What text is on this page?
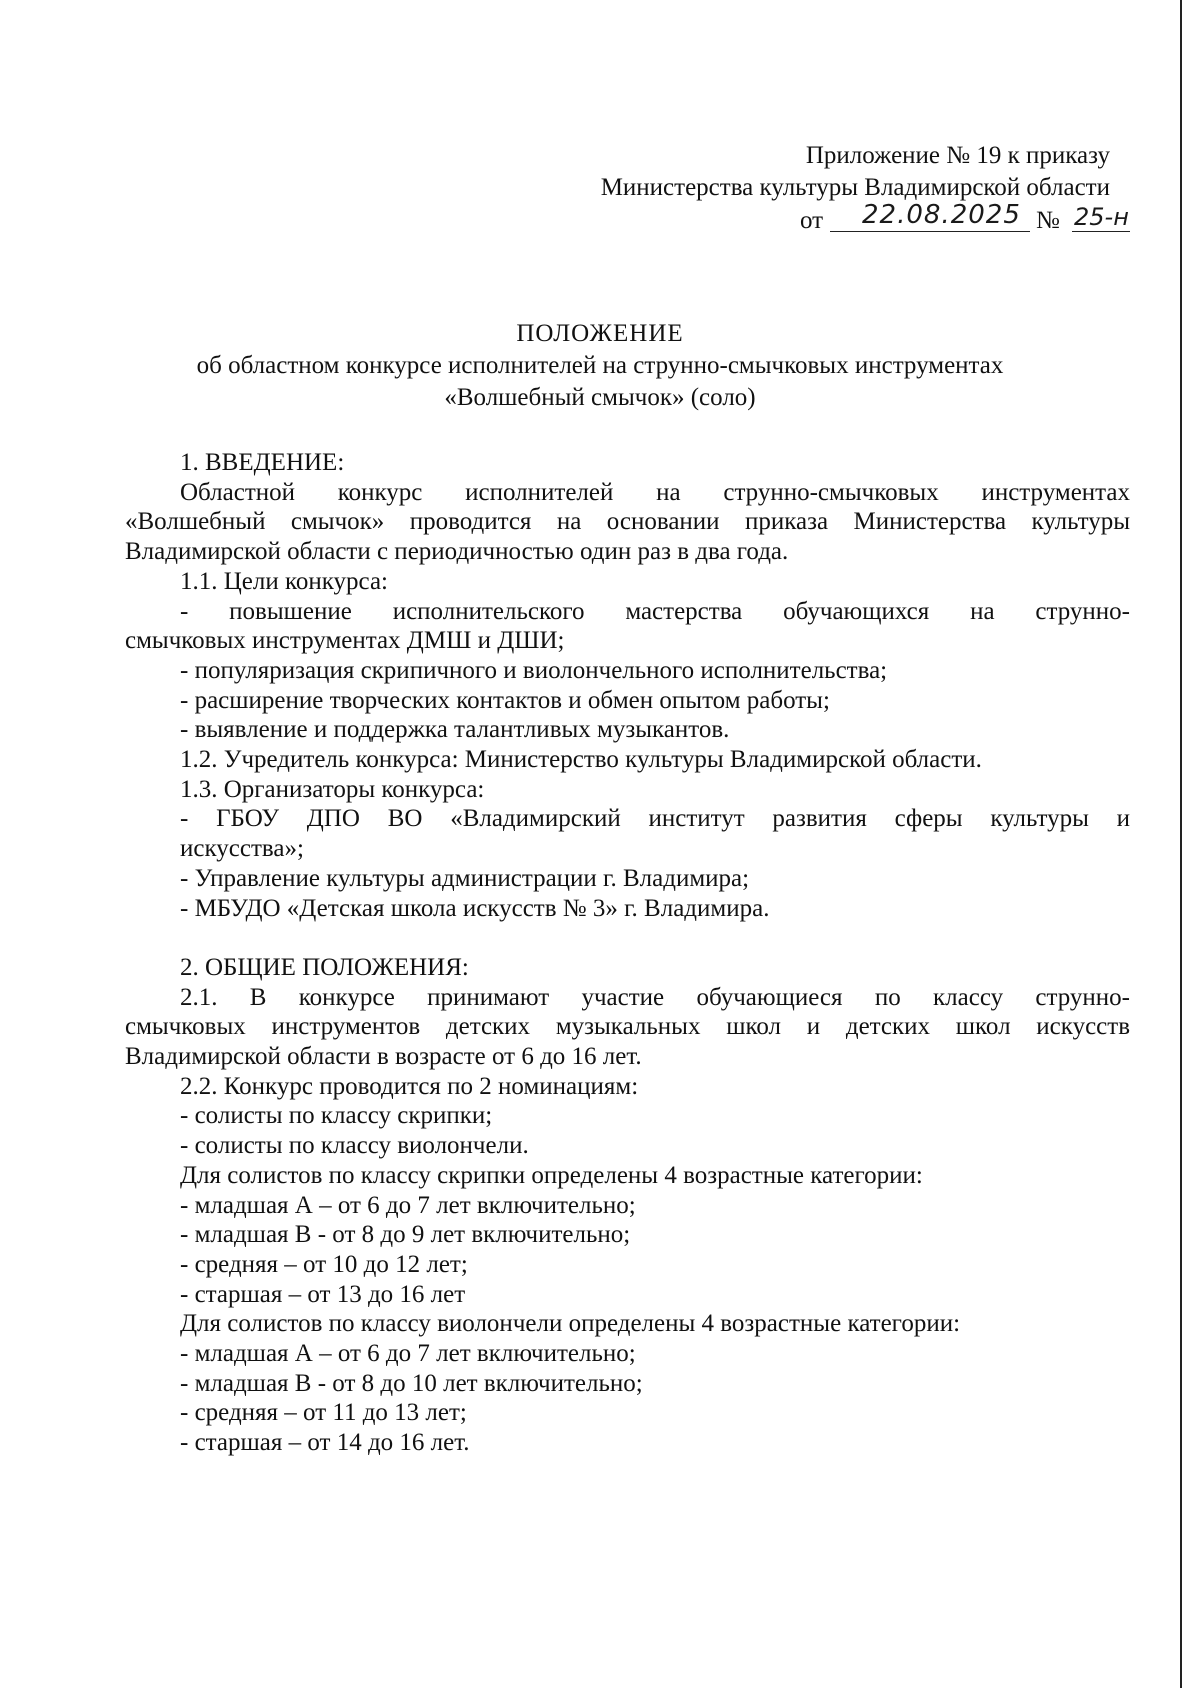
Приложение № 19 к приказу
Министерства культуры Владимирской области
от 22.08.2025 № 25-н
ПОЛОЖЕНИЕ
об областном конкурсе исполнителей на струнно-смычковых инструментах
«Волшебный смычок» (соло)

1. ВВЕДЕНИЕ:

Областной конкурс исполнителей на струнно-смычковых инструментах

«Волшебный смычок» проводится на основании приказа Министерства культуры

Владимирской области с периодичностью один раз в два года.

1.1. Цели конкурса:

- повышение исполнительского мастерства обучающихся на струнно-

смычковых инструментах ДМШ и ДШИ;

- популяризация скрипичного и виолончельного исполнительства;

- расширение творческих контактов и обмен опытом работы;

- выявление и поддержка талантливых музыкантов.

1.2. Учредитель конкурса: Министерство культуры Владимирской области.

1.3. Организаторы конкурса:

- ГБОУ ДПО ВО «Владимирский институт развития сферы культуры и

искусства»;

- Управление культуры администрации г. Владимира;

- МБУДО «Детская школа искусств № 3» г. Владимира.

2. ОБЩИЕ ПОЛОЖЕНИЯ:

2.1. В конкурсе принимают участие обучающиеся по классу струнно-

смычковых инструментов детских музыкальных школ и детских школ искусств

Владимирской области в возрасте от 6 до 16 лет.

2.2. Конкурс проводится по 2 номинациям:

- солисты по классу скрипки;

- солисты по классу виолончели.

Для солистов по классу скрипки определены 4 возрастные категории:

- младшая А – от 6 до 7 лет включительно;

- младшая В - от 8 до 9 лет включительно;

- средняя – от 10 до 12 лет;

- старшая – от 13 до 16 лет

Для солистов по классу виолончели определены 4 возрастные категории:

- младшая А – от 6 до 7 лет включительно;

- младшая В - от 8 до 10 лет включительно;

- средняя – от 11 до 13 лет;

- старшая – от 14 до 16 лет.
